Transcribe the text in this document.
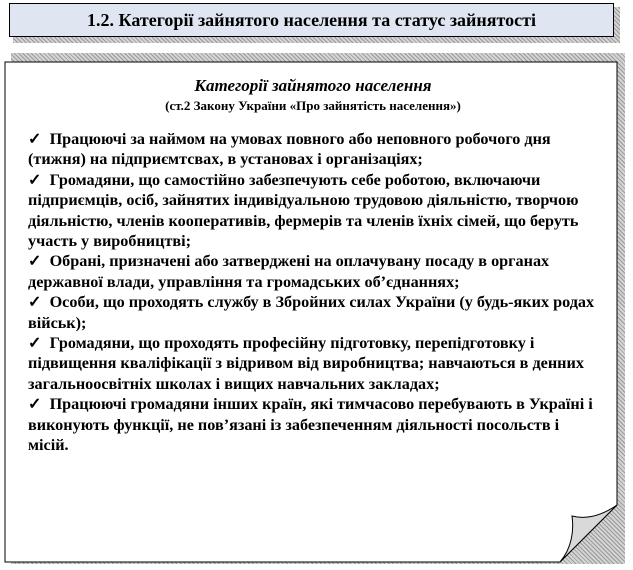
1.2. Категорії зайнятого населення та статус зайнятості

Категорії зайнятого населення

(ст.2 Закону України «Про зайнятість населення»)

✓ Працюючі за наймом на умовах повного або неповного робочого дня (тижня) на підприємтсвах, в установах і організаціях;

✓ Громадяни, що самостійно забезпечують себе роботою, включаючи підприємців, осіб, зайнятих індивідуальною трудовою діяльністю, творчою діяльністю, членів кооперативів, фермерів та членів їхніх сімей, що беруть участь у виробництві;

✓ Обрані, призначені або затверджені на оплачувану посаду в органах державної влади, управління та громадських об’єднаннях;

✓ Особи, що проходять службу в Збройних силах України (у будь-яких родах військ);

✓ Громадяни, що проходять професійну підготовку, перепідготовку і підвищення кваліфікації з відривом від виробництва; навчаються в денних загальноосвітніх школах і вищих навчальних закладах;

✓ Працюючі громадяни інших країн, які тимчасово перебувають в Україні і виконують функції, не пов’язані із забезпеченням діяльності посольств і місій.
